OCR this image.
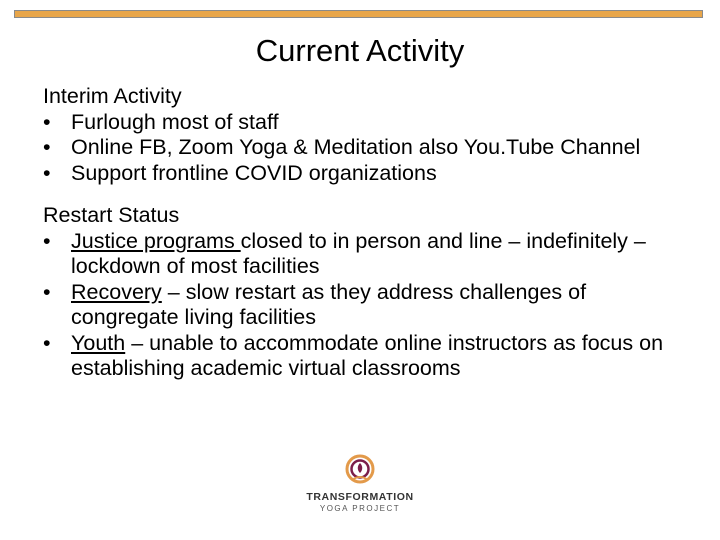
Current Activity
Interim Activity
• Furlough most of staff
• Online FB, Zoom Yoga & Meditation also You.Tube Channel
• Support frontline COVID organizations
Restart Status
• Justice programs closed to in person and line – indefinitely – lockdown of most facilities
• Recovery – slow restart as they address challenges of congregate living facilities
• Youth – unable to accommodate online instructors as focus on establishing academic virtual classrooms
TRANSFORMATION
YOGA PROJECT
